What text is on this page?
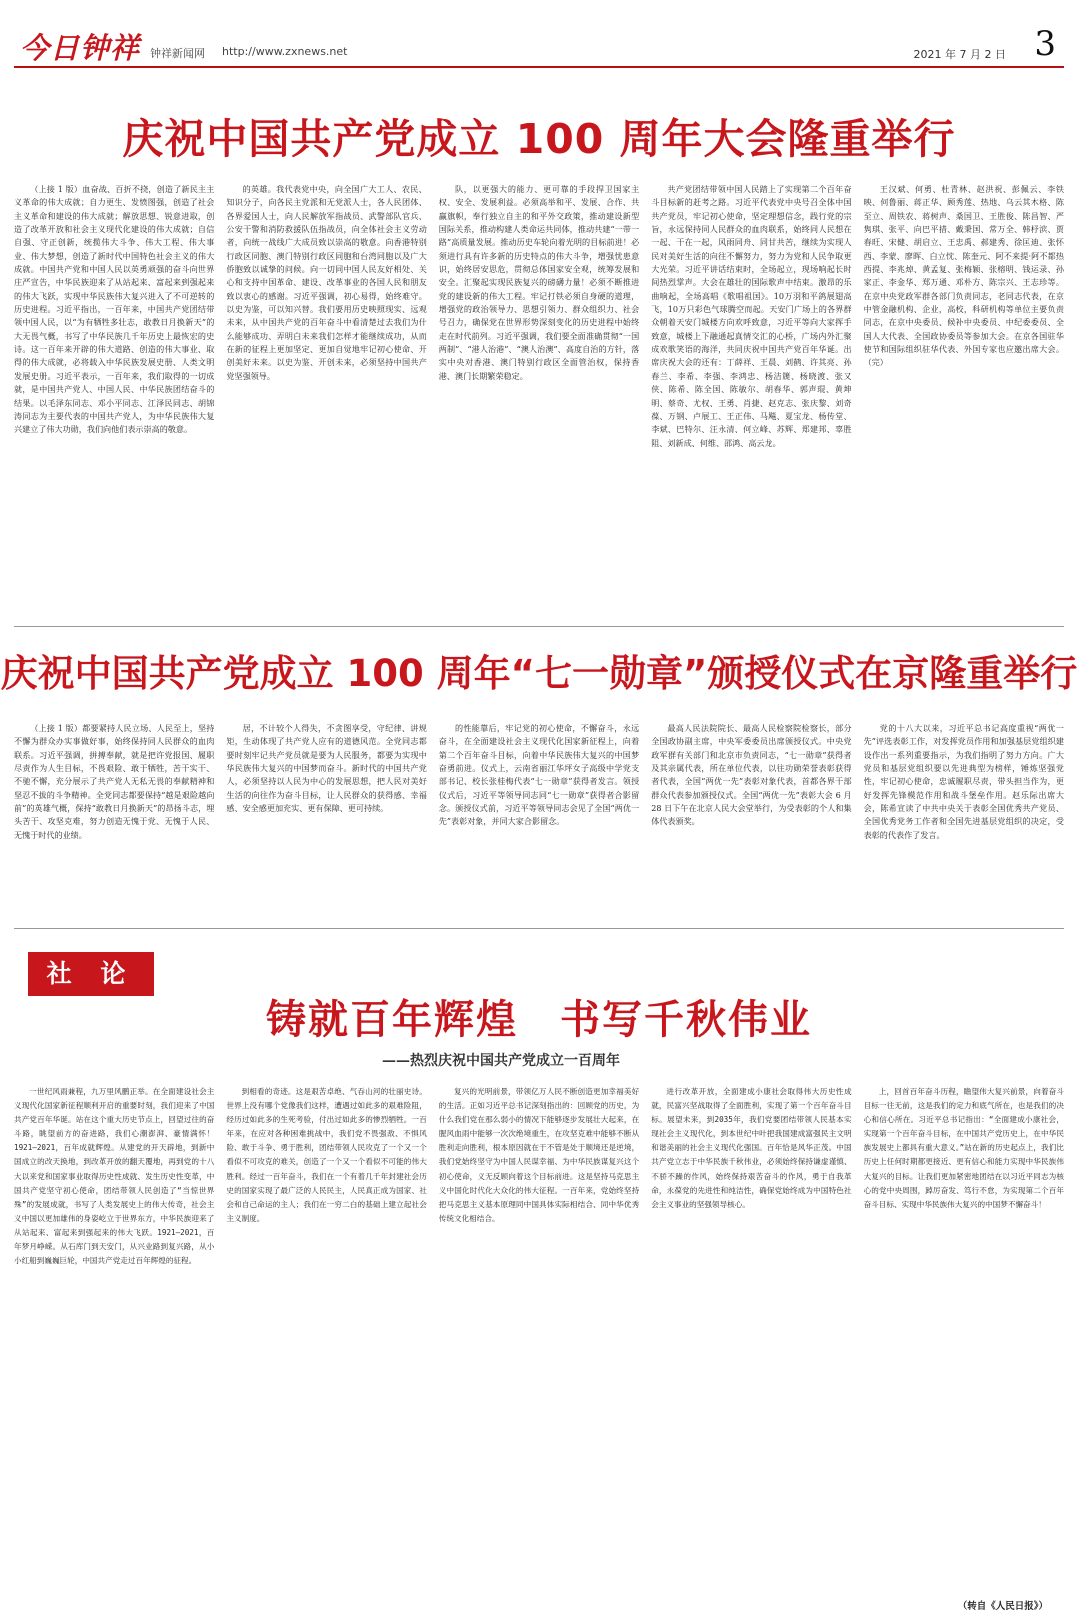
今日钟祥 钟祥新闻网 http://www.zxnews.net	2021 年 7 月 2 日 3
庆祝中国共产党成立 100 周年大会隆重举行

（上接 1 版）血奋战、百折不挠，创造了新民主主义革命的伟大成就；自力更生、发愤图强，创造了社会主义革命和建设的伟大成就；解放思想、锐意进取，创造了改革开放和社会主义现代化建设的伟大成就；自信自强、守正创新，统揽伟大斗争、伟大工程、伟大事业、伟大梦想，创造了新时代中国特色社会主义的伟大成就。中国共产党和中国人民以英勇顽强的奋斗向世界庄严宣告，中华民族迎来了从站起来、富起来到强起来的伟大飞跃，实现中华民族伟大复兴进入了不可逆转的历史进程。习近平指出，一百年来，中国共产党团结带领中国人民，以“为有牺牲多壮志，敢教日月换新天”的大无畏气概，书写了中华民族几千年历史上最恢宏的史诗。这一百年来开辟的伟大道路、创造的伟大事业、取得的伟大成就，必将载入中华民族发展史册、人类文明发展史册。习近平表示，一百年来，我们取得的一切成就，是中国共产党人、中国人民、中华民族团结奋斗的结果。以毛泽东同志、邓小平同志、江泽民同志、胡锦涛同志为主要代表的中国共产党人，为中华民族伟大复兴建立了伟大功勋，我们向他们表示崇高的敬意。

的英雄。我代表党中央，向全国广大工人、农民、知识分子，向各民主党派和无党派人士，各人民团体、各界爱国人士，向人民解放军指战员、武警部队官兵、公安干警和消防救援队伍指战员，向全体社会主义劳动者，向统一战线广大成员致以崇高的敬意。向香港特别行政区同胞、澳门特别行政区同胞和台湾同胞以及广大侨胞致以诚挚的问候。向一切同中国人民友好相处、关心和支持中国革命、建设、改革事业的各国人民和朋友致以衷心的感谢。习近平强调，初心易得，始终难守。以史为鉴，可以知兴替。我们要用历史映照现实、远观未来，从中国共产党的百年奋斗中看清楚过去我们为什么能够成功、弄明白未来我们怎样才能继续成功，从而在新的征程上更加坚定、更加自觉地牢记初心使命、开创美好未来。以史为鉴、开创未来，必须坚持中国共产党坚强领导。

队，以更强大的能力、更可靠的手段捍卫国家主权、安全、发展利益。必须高举和平、发展、合作、共赢旗帜，奉行独立自主的和平外交政策，推动建设新型国际关系，推动构建人类命运共同体，推动共建“一带一路”高质量发展。推动历史车轮向着光明的目标前进！必须进行具有许多新的历史特点的伟大斗争，增强忧患意识，始终居安思危，贯彻总体国家安全观，统筹发展和安全。汇聚起实现民族复兴的磅礴力量！必须不断推进党的建设新的伟大工程。牢记打铁必须自身硬的道理，增强党的政治领导力、思想引领力、群众组织力、社会号召力，确保党在世界形势深刻变化的历史进程中始终走在时代前列。习近平强调，我们要全面准确贯彻“一国两制”、“港人治港”、“澳人治澳”、高度自治的方针，落实中央对香港、澳门特别行政区全面管治权，保持香港、澳门长期繁荣稳定。

共产党团结带领中国人民踏上了实现第二个百年奋斗目标新的赶考之路。习近平代表党中央号召全体中国共产党员，牢记初心使命，坚定理想信念，践行党的宗旨，永远保持同人民群众的血肉联系，始终同人民想在一起、干在一起，风雨同舟、同甘共苦，继续为实现人民对美好生活的向往不懈努力，努力为党和人民争取更大光荣。习近平讲话结束时，全场起立，现场响起长时间热烈掌声。大会在雄壮的国际歌声中结束。激昂的乐曲响起，全场高唱《歌唱祖国》。10万羽和平鸽展翅高飞，10万只彩色气球腾空而起。天安门广场上的各界群众朝着天安门城楼方向欢呼致意，习近平等向大家挥手致意，城楼上下融通起真情交汇的心桥，广场内外汇聚成欢歌笑语的海洋，共同庆祝中国共产党百年华诞。出席庆祝大会的还有：丁薛祥、王晨、刘鹤、许其亮、孙春兰、李希、李强、李鸿忠、杨洁篪、杨晓渡、张又侠、陈希、陈全国、陈敏尔、胡春华、郭声琨、黄坤明、蔡奇、尤权、王勇、肖捷、赵克志、张庆黎、刘奇葆、万钢、卢展工、王正伟、马飚、夏宝龙、杨传堂、李斌、巴特尔、汪永清、何立峰、苏辉、郑建邦、辜胜阻、刘新成、何维、邵鸿、高云龙。

王汉斌、何勇、杜青林、赵洪祝、彭佩云、李铁映、何鲁丽、蒋正华、顾秀莲、热地、乌云其木格、陈至立、周铁农、蒋树声、桑国卫、王胜俊、陈昌智、严隽琪、张平、向巴平措、戴秉国、常万全、韩杼滨、贾春旺、宋健、胡启立、王忠禹、郝建秀、徐匡迪、张怀西、李蒙、廖晖、白立忱、陈奎元、阿不来提·阿不都热西提、李兆焯、黄孟复、张梅颖、张榕明、钱运录、孙家正、李金华、郑万通、邓朴方、陈宗兴、王志珍等。在京中央党政军群各部门负责同志，老同志代表，在京中管金融机构、企业，高校，科研机构等单位主要负责同志，在京中央委员、候补中央委员、中纪委委员、全国人大代表、全国政协委员等参加大会。在京各国驻华使节和国际组织驻华代表、外国专家也应邀出席大会。（完）

庆祝中国共产党成立 100 周年“七一勋章”颁授仪式在京隆重举行

（上接 1 版）都要紧持人民立场、人民至上，坚持不懈为群众办实事做好事，始终保持同人民群众的血肉联系。习近平强调，拼搏奉献，就是把许党报国、履职尽责作为人生目标，不畏艰险、敢于牺牲，苦干实干、不驰不懈，充分展示了共产党人无私无畏的奉献精神和坚忍不拔的斗争精神。全党同志都要保持“越是艰险越向前”的英雄气概，保持“敢教日月换新天”的昂扬斗志，埋头苦干、攻坚克难，努力创造无愧于党、无愧于人民、无愧于时代的业绩。

居，不计较个人得失，不贪图享受，守纪律、讲规矩，生动体现了共产党人应有的道德风范。全党同志都要时刻牢记共产党员就是要为人民服务，都要为实现中华民族伟大复兴的中国梦而奋斗。新时代的中国共产党人，必须坚持以人民为中心的发展思想，把人民对美好生活的向往作为奋斗目标，让人民群众的获得感、幸福感、安全感更加充实、更有保障、更可持续。

的性能靠后，牢记党的初心使命，不懈奋斗，永远奋斗，在全面建设社会主义现代化国家新征程上，向着第二个百年奋斗目标，向着中华民族伟大复兴的中国梦奋勇前进。仪式上，云南省丽江华坪女子高级中学党支部书记、校长张桂梅代表“七一勋章”获得者发言。领授仪式后，习近平等领导同志同“七一勋章”获得者合影留念。颁授仪式前，习近平等领导同志会见了全国“两优一先”表彰对象，并同大家合影留念。

最高人民法院院长、最高人民检察院检察长，部分全国政协副主席，中央军委委员出席颁授仪式。中央党政军群有关部门和北京市负责同志，“七一勋章”获得者及其亲属代表，所在单位代表，以往功勋荣誉表彰获得者代表，全国“两优一先”表彰对象代表，首都各界干部群众代表参加颁授仪式。全国“两优一先”表彰大会 6 月 28 日下午在北京人民大会堂举行，为受表彰的个人和集体代表颁奖。

党的十八大以来，习近平总书记高度重视“两优一先”评选表彰工作，对发挥党员作用和加强基层党组织建设作出一系列重要指示，为我们指明了努力方向。广大党员和基层党组织要以先进典型为榜样，锤炼坚强党性，牢记初心使命，忠诚履职尽责，带头担当作为，更好发挥先锋模范作用和战斗堡垒作用。赵乐际出席大会，陈希宣读了中共中央关于表彰全国优秀共产党员、全国优秀党务工作者和全国先进基层党组织的决定，受表彰的代表作了发言。

社 论
铸就百年辉煌　书写千秋伟业
——热烈庆祝中国共产党成立一百周年

一世纪风雨兼程，九万里风鹏正举。在全面建设社会主义现代化国家新征程顺利开启的重要时刻，我们迎来了中国共产党百年华诞。站在这个重大历史节点上，回望过往的奋斗路，眺望前方的奋进路，我们心潮澎湃、豪情满怀！1921—2021，百年成就辉煌。从建党的开天辟地，到新中国成立的改天换地，到改革开放的翻天覆地，再到党的十八大以来党和国家事业取得历史性成就、发生历史性变革，中国共产党坚守初心使命，团结带领人民创造了“当惊世界殊”的发展成就，书写了人类发展史上的伟大传奇，社会主义中国以更加雄伟的身姿屹立于世界东方，中华民族迎来了从站起来、富起来到强起来的伟大飞跃。1921—2021，百年梦月峥嵘。从石库门到天安门，从兴业路到复兴路，从小小红船到巍巍巨轮，中国共产党走过百年辉煌的征程。

到相看的奇迹。这是艰苦卓绝、气吞山河的壮丽史诗。世界上没有哪个党像我们这样，遭遇过如此多的艰难险阻，经历过如此多的生死考验，付出过如此多的惨烈牺牲。一百年来，在应对各种困难挑战中，我们党不畏强敌、不惧风险、敢于斗争、勇于胜利，团结带领人民攻克了一个又一个看似不可攻克的难关，创造了一个又一个看似不可能的伟大胜利。经过一百年奋斗，我们在一个有着几千年封建社会历史的国家实现了最广泛的人民民主，人民真正成为国家、社会和自己命运的主人；我们在一穷二白的基础上建立起社会主义制度。

复兴的光明前景，带领亿万人民不断创造更加幸福美好的生活。正如习近平总书记深刻指出的：回顾党的历史，为什么我们党在那么弱小的情况下能够逐步发展壮大起来，在腥风血雨中能够一次次绝境重生，在攻坚克难中能够不断从胜利走向胜利，根本原因就在于不管是处于顺境还是逆境，我们党始终坚守为中国人民谋幸福、为中华民族谋复兴这个初心使命，义无反顾向着这个目标前进。这是坚持马克思主义中国化时代化大众化的伟大征程。一百年来，党始终坚持把马克思主义基本原理同中国具体实际相结合、同中华优秀传统文化相结合。

进行改革开放，全面建成小康社会取得伟大历史性成就，民富兴坚战取得了全面胜利，实现了第一个百年奋斗目标。展望未来，到2035年，我们党要团结带领人民基本实现社会主义现代化，到本世纪中叶把我国建成富强民主文明和谐美丽的社会主义现代化强国。百年恰是风华正茂。中国共产党立志于中华民族千秋伟业，必须始终保持谦虚谨慎、不骄不躁的作风，始终保持艰苦奋斗的作风，勇于自我革命，永葆党的先进性和纯洁性，确保党始终成为中国特色社会主义事业的坚强领导核心。

上，回首百年奋斗历程，瞻望伟大复兴前景，向着奋斗目标一往无前，这是我们的定力和底气所在，也是我们的决心和信心所在。习近平总书记指出：“全面建成小康社会，实现第一个百年奋斗目标，在中国共产党历史上，在中华民族发展史上都具有重大意义。”站在新的历史起点上，我们比历史上任何时期都更接近、更有信心和能力实现中华民族伟大复兴的目标。让我们更加紧密地团结在以习近平同志为核心的党中央周围，踔厉奋发、笃行不怠，为实现第二个百年奋斗目标、实现中华民族伟大复兴的中国梦不懈奋斗！

（转自《人民日报》）
